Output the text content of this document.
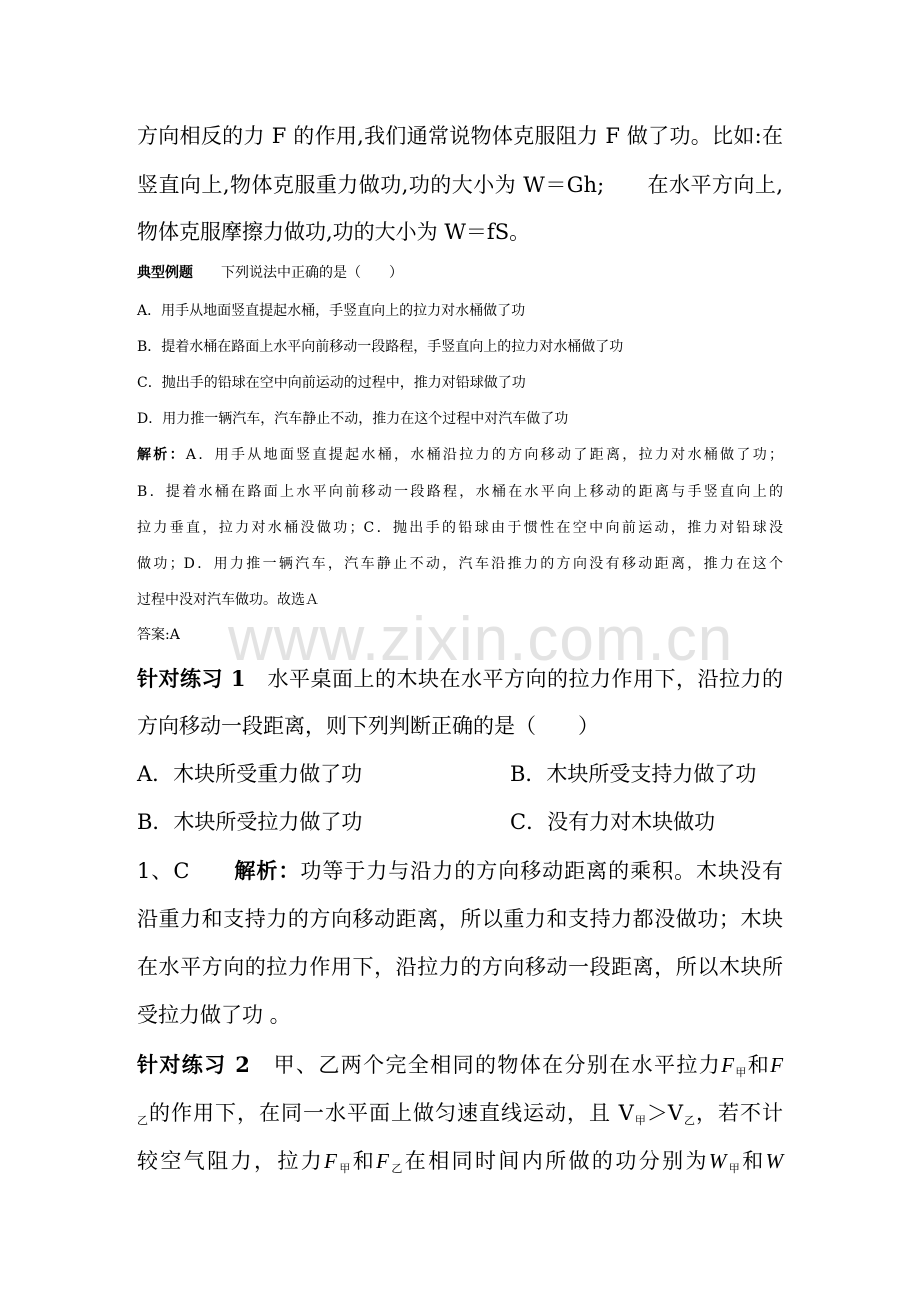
www.zixin.com.cn
方向相反的力 F 的作用,我们通常说物体克服阻力 F 做了功。比如:在
竖直向上,物体克服重力做功,功的大小为 W＝Gh;　　在水平方向上,
物体克服摩擦力做功,功的大小为 W＝fS。
典型例题　　下列说法中正确的是（　　）
A．用手从地面竖直提起水桶，手竖直向上的拉力对水桶做了功
B．提着水桶在路面上水平向前移动一段路程，手竖直向上的拉力对水桶做了功
C．抛出手的铅球在空中向前运动的过程中，推力对铅球做了功
D．用力推一辆汽车，汽车静止不动，推力在这个过程中对汽车做了功
解析：A．用手从地面竖直提起水桶，水桶沿拉力的方向移动了距离，拉力对水桶做了功；
B．提着水桶在路面上水平向前移动一段路程，水桶在水平向上移动的距离与手竖直向上的
拉力垂直，拉力对水桶没做功；C．抛出手的铅球由于惯性在空中向前运动，推力对铅球没
做功；D．用力推一辆汽车，汽车静止不动，汽车沿推力的方向没有移动距离，推力在这个
过程中没对汽车做功。故选Ａ
答案:A
针对练习 1　水平桌面上的木块在水平方向的拉力作用下，沿拉力的
方向移动一段距离，则下列判断正确的是（　　）
A．木块所受重力做了功	B．木块所受支持力做了功
B．木块所受拉力做了功	C．没有力对木块做功
1、C　　解析：功等于力与沿力的方向移动距离的乘积。木块没有
沿重力和支持力的方向移动距离，所以重力和支持力都没做功；木块
在水平方向的拉力作用下，沿拉力的方向移动一段距离，所以木块所
受拉力做了功 。
针对练习 2　甲、乙两个完全相同的物体在分别在水平拉力$F_甲$和F
$_乙$的作用下，在同一水平面上做匀速直线运动，且 $V_甲>V_乙$，若不计
较空气阻力，拉力$F_甲$和$F_乙$在相同时间内所做的功分别为$W_甲$和W
